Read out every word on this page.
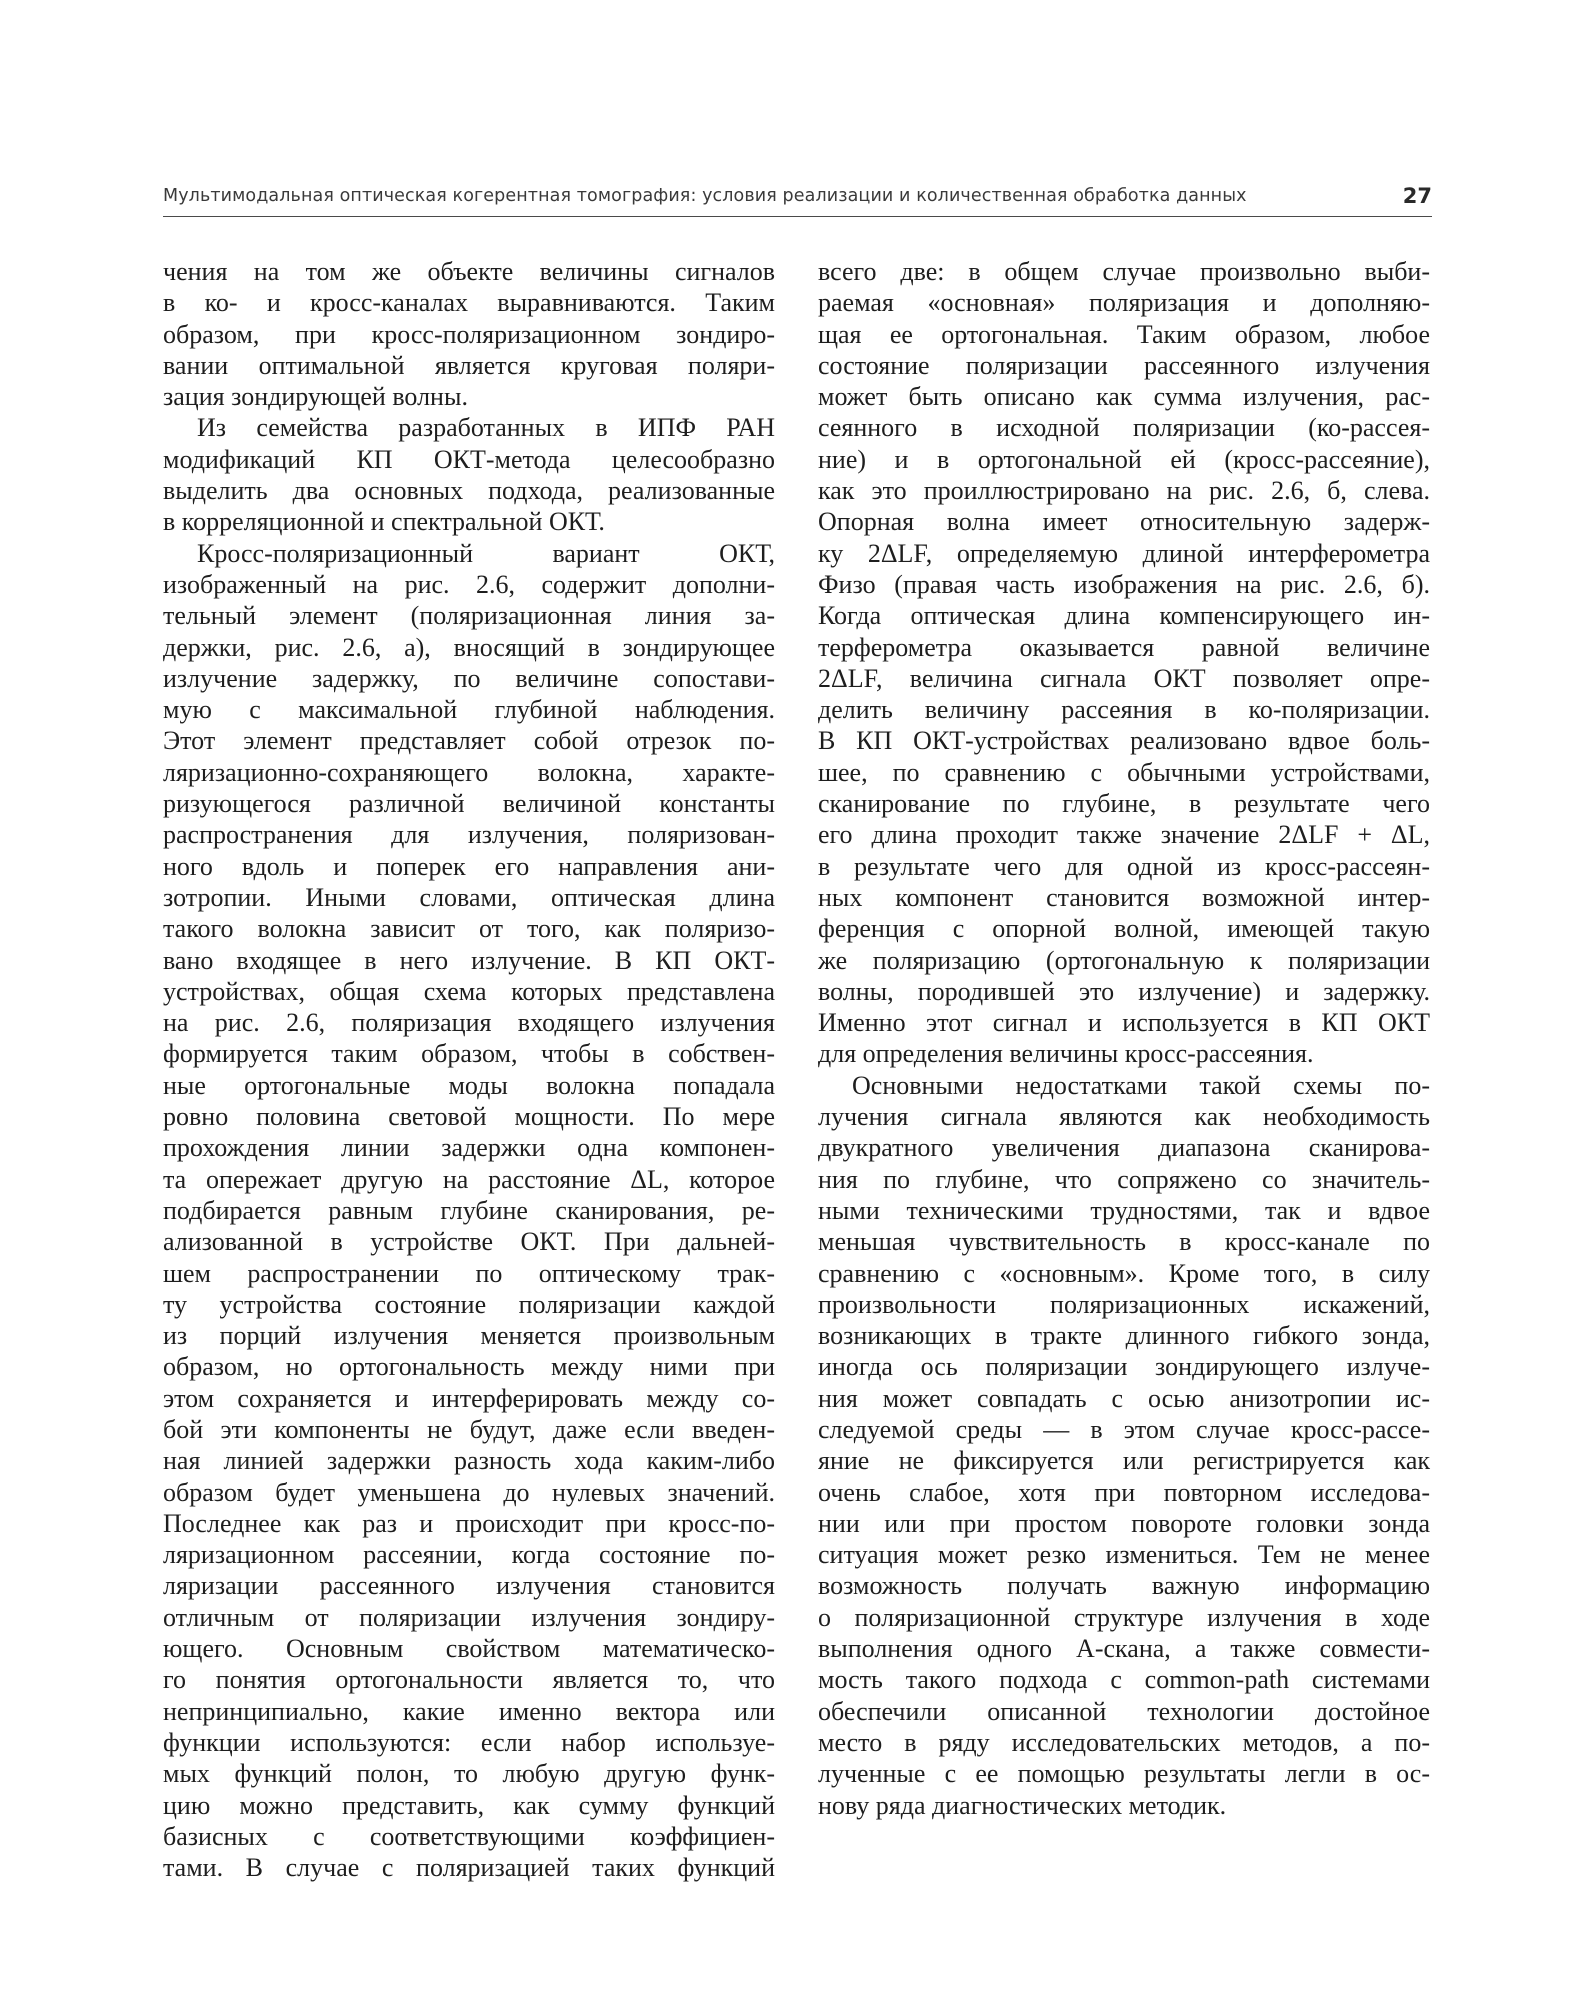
Мультимодальная оптическая когерентная томография: условия реализации и количественная обработка данных	27
чения на том же объекте величины сигналов
в ко- и кросс-каналах выравниваются. Таким
образом, при кросс-поляризационном зондиро-
вании оптимальной является круговая поляри-
зация зондирующей волны.
Из семейства разработанных в ИПФ РАН
модификаций КП ОКТ-метода целесообразно
выделить два основных подхода, реализованные
в корреляционной и спектральной ОКТ.
Кросс-поляризационный вариант ОКТ,
изображенный на рис. 2.6, содержит дополни-
тельный элемент (поляризационная линия за-
держки, рис. 2.6, а), вносящий в зондирующее
излучение задержку, по величине сопостави-
мую с максимальной глубиной наблюдения.
Этот элемент представляет собой отрезок по-
ляризационно-сохраняющего волокна, характе-
ризующегося различной величиной константы
распространения для излучения, поляризован-
ного вдоль и поперек его направления ани-
зотропии. Иными словами, оптическая длина
такого волокна зависит от того, как поляризо-
вано входящее в него излучение. В КП ОКТ-
устройствах, общая схема которых представлена
на рис. 2.6, поляризация входящего излучения
формируется таким образом, чтобы в собствен-
ные ортогональные моды волокна попадала
ровно половина световой мощности. По мере
прохождения линии задержки одна компонен-
та опережает другую на расстояние ΔL, которое
подбирается равным глубине сканирования, ре-
ализованной в устройстве ОКТ. При дальней-
шем распространении по оптическому трак-
ту устройства состояние поляризации каждой
из порций излучения меняется произвольным
образом, но ортогональность между ними при
этом сохраняется и интерферировать между со-
бой эти компоненты не будут, даже если введен-
ная линией задержки разность хода каким-либо
образом будет уменьшена до нулевых значений.
Последнее как раз и происходит при кросс-по-
ляризационном рассеянии, когда состояние по-
ляризации рассеянного излучения становится
отличным от поляризации излучения зондиру-
ющего. Основным свойством математическо-
го понятия ортогональности является то, что
непринципиально, какие именно вектора или
функции используются: если набор используе-
мых функций полон, то любую другую функ-
цию можно представить, как сумму функций
базисных с соответствующими коэффициен-
тами. В случае с поляризацией таких функций
всего две: в общем случае произвольно выби-
раемая «основная» поляризация и дополняю-
щая ее ортогональная. Таким образом, любое
состояние поляризации рассеянного излучения
может быть описано как сумма излучения, рас-
сеянного в исходной поляризации (ко-рассея-
ние) и в ортогональной ей (кросс-рассеяние),
как это проиллюстрировано на рис. 2.6, б, слева.
Опорная волна имеет относительную задерж-
ку 2ΔLF, определяемую длиной интерферометра
Физо (правая часть изображения на рис. 2.6, б).
Когда оптическая длина компенсирующего ин-
терферометра оказывается равной величине
2ΔLF, величина сигнала ОКТ позволяет опре-
делить величину рассеяния в ко-поляризации.
В КП ОКТ-устройствах реализовано вдвое боль-
шее, по сравнению с обычными устройствами,
сканирование по глубине, в результате чего
его длина проходит также значение 2ΔLF + ΔL,
в результате чего для одной из кросс-рассеян-
ных компонент становится возможной интер-
ференция с опорной волной, имеющей такую
же поляризацию (ортогональную к поляризации
волны, породившей это излучение) и задержку.
Именно этот сигнал и используется в КП ОКТ
для определения величины кросс-рассеяния.
Основными недостатками такой схемы по-
лучения сигнала являются как необходимость
двукратного увеличения диапазона сканирова-
ния по глубине, что сопряжено со значитель-
ными техническими трудностями, так и вдвое
меньшая чувствительность в кросс-канале по
сравнению с «основным». Кроме того, в силу
произвольности поляризационных искажений,
возникающих в тракте длинного гибкого зонда,
иногда ось поляризации зондирующего излуче-
ния может совпадать с осью анизотропии ис-
следуемой среды — в этом случае кросс-рассе-
яние не фиксируется или регистрируется как
очень слабое, хотя при повторном исследова-
нии или при простом повороте головки зонда
ситуация может резко измениться. Тем не менее
возможность получать важную информацию
о поляризационной структуре излучения в ходе
выполнения одного А-скана, а также совмести-
мость такого подхода с common-path системами
обеспечили описанной технологии достойное
место в ряду исследовательских методов, а по-
лученные с ее помощью результаты легли в ос-
нову ряда диагностических методик.
